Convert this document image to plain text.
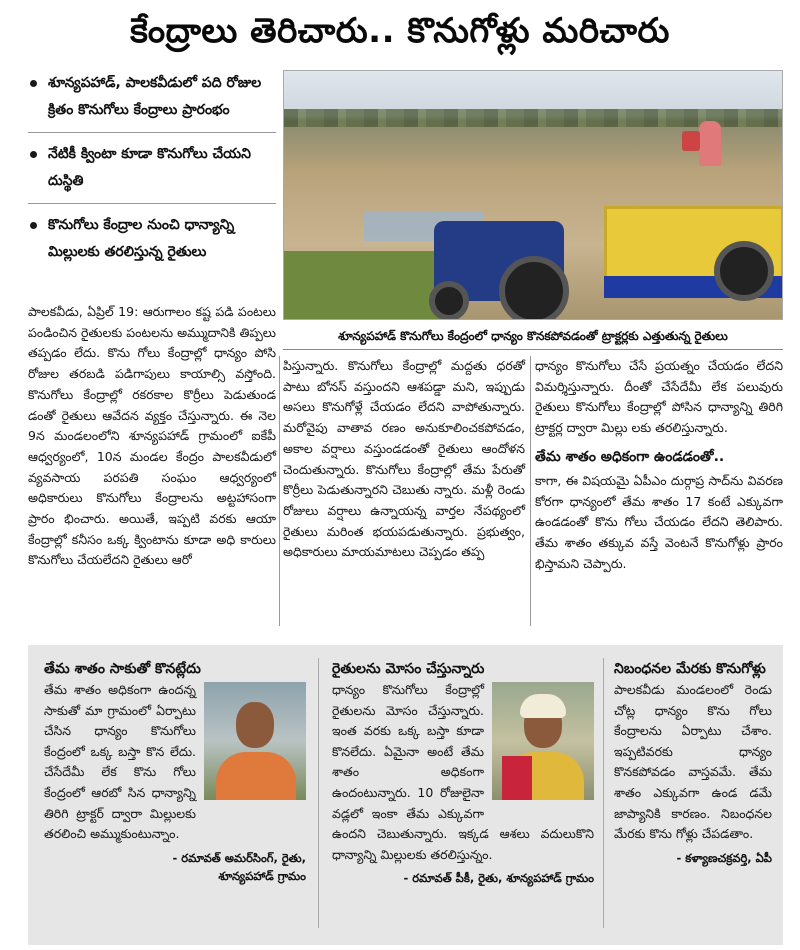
కేంద్రాలు తెరిచారు.. కొనుగోళ్లు మరిచారు
శూన్యపహాడ్, పాలకవీడులో పది రోజుల క్రితం కొనుగోలు కేంద్రాలు ప్రారంభం
నేటికీ క్వింటా కూడా కొనుగోలు చేయని దుస్థితి
కొనుగోలు కేంద్రాల నుంచి ధాన్యాన్ని మిల్లులకు తరలిస్తున్న రైతులు
శూన్యపహాడ్ కొనుగోలు కేంద్రంలో ధాన్యం కొనకపోవడంతో ట్రాక్టర్లకు ఎత్తుతున్న రైతులు
పాలకవీడు, ఏప్రిల్ 19: ఆరుగాలం కష్ట పడి పంటలు పండించిన రైతులకు పంటలను అమ్ముదానికి తిప్పలు తప్పడం లేదు. కొను గోలు కేంద్రాల్లో ధాన్యం పోసి రోజుల తరబడి పడిగాపులు కాయాల్సి వస్తోంది. కొనుగోలు కేంద్రాల్లో రకరకాల కొర్రీలు పెడుతుండ డంతో రైతులు ఆవేదన వ్యక్తం చేస్తున్నారు. ఈ నెల 9న మండలంలోని శూన్యపహాడ్ గ్రామంలో ఐకేపీ ఆధ్వర్యంలో, 10న మండల కేంద్రం పాలకవీడులో వ్యవసాయ పరపతి సంఘం ఆధ్వర్యంలో అధికారులు కొనుగోలు కేంద్రాలను అట్టహాసంగా ప్రారం భించారు. అయితే, ఇప్పటి వరకు ఆయా కేంద్రాల్లో కనీసం ఒక్క క్వింటాను కూడా అధి కారులు కొనుగోలు చేయలేదని రైతులు ఆరో
పిస్తున్నారు. కొనుగోలు కేంద్రాల్లో మద్దతు ధరతో పాటు బోనస్ వస్తుందని ఆశపడ్డా మని, ఇప్పుడు అసలు కొనుగోళ్లే చేయడం లేదని వాపోతున్నారు. మరోవైపు వాతావ రణం అనుకూలించకపోవడం, అకాల వర్షాలు వస్తుండడంతో రైతులు ఆందోళన చెందుతున్నారు. కొనుగోలు కేంద్రాల్లో తేమ పేరుతో కొర్రీలు పెడుతున్నారని చెబుతు న్నారు. మళ్లీ రెండు రోజులు వర్షాలు ఉన్నాయన్న వార్తల నేపథ్యంలో రైతులు మరింత భయపడుతున్నారు. ప్రభుత్వం, అధికారులు మాయమాటలు చెప్పడం తప్ప
ధాన్యం కొనుగోలు చేసే ప్రయత్నం చేయడం లేదని విమర్శిస్తున్నారు. దీంతో చేసేదేమీ లేక పలువురు రైతులు కొనుగోలు కేంద్రాల్లో పోసిన ధాన్యాన్ని తిరిగి ట్రాక్టర్ల ద్వారా మిల్లు లకు తరలిస్తున్నారు.
తేమ శాతం అధికంగా ఉండడంతో..
కాగా, ఈ విషయమై ఏపీఎం దుర్గాప్ర సాద్‌ను వివరణ కోరగా ధాన్యంలో తేమ శాతం 17 కంటే ఎక్కువగా ఉండడంతో కొను గోలు చేయడం లేదని తెలిపారు. తేమ శాతం తక్కువ వస్తే వెంటనే కొనుగోళ్లు ప్రారం భిస్తామని చెప్పారు.
తేమ శాతం సాకుతో కొనట్లేదు

తేమ శాతం అధికంగా ఉందన్న సాకుతో మా గ్రామంలో ఏర్పాటు చేసిన ధాన్యం కొనుగోలు కేంద్రంలో ఒక్క బస్తా కొన లేదు. చేసేదేమీ లేక కొను గోలు కేంద్రంలో ఆరబో సిన ధాన్యాన్ని తిరిగి ట్రాక్టర్ ద్వారా మిల్లులకు తరలించి అమ్ముకుంటున్నాం.

- రమావత్ అమర్‌సింగ్, రైతు,
శూన్యపహాడ్ గ్రామం
రైతులను మోసం చేస్తున్నారు

ధాన్యం కొనుగోలు కేంద్రాల్లో రైతులను మోసం చేస్తున్నారు. ఇంత వరకు ఒక్క బస్తా కూడా కొనలేదు. ఏమైనా అంటే తేమ శాతం అధికంగా ఉందంటున్నారు. 10 రోజులైనా వడ్లలో ఇంకా తేమ ఎక్కువగా ఉందని చెబుతున్నారు. ఇక్కడ ఆశలు వదులుకొని ధాన్యాన్ని మిల్లులకు తరలిస్తున్నం.

- రమావత్ పీకీ, రైతు, శూన్యపహాడ్ గ్రామం
నిబంధనల మేరకు కొనుగోళ్లు

పాలకవీడు మండలంలో రెండు చోట్ల ధాన్యం కొను గోలు కేంద్రాలను ఏర్పాటు చేశాం. ఇప్పటివరకు ధాన్యం కొనకపోవడం వాస్తవమే. తేమ శాతం ఎక్కువగా ఉండ డమే జాప్యానికి కారణం. నిబంధనల మేరకు కొను గోళ్లు చేపడతాం.

- కళ్యాణచక్రవర్తి, ఏపీ
